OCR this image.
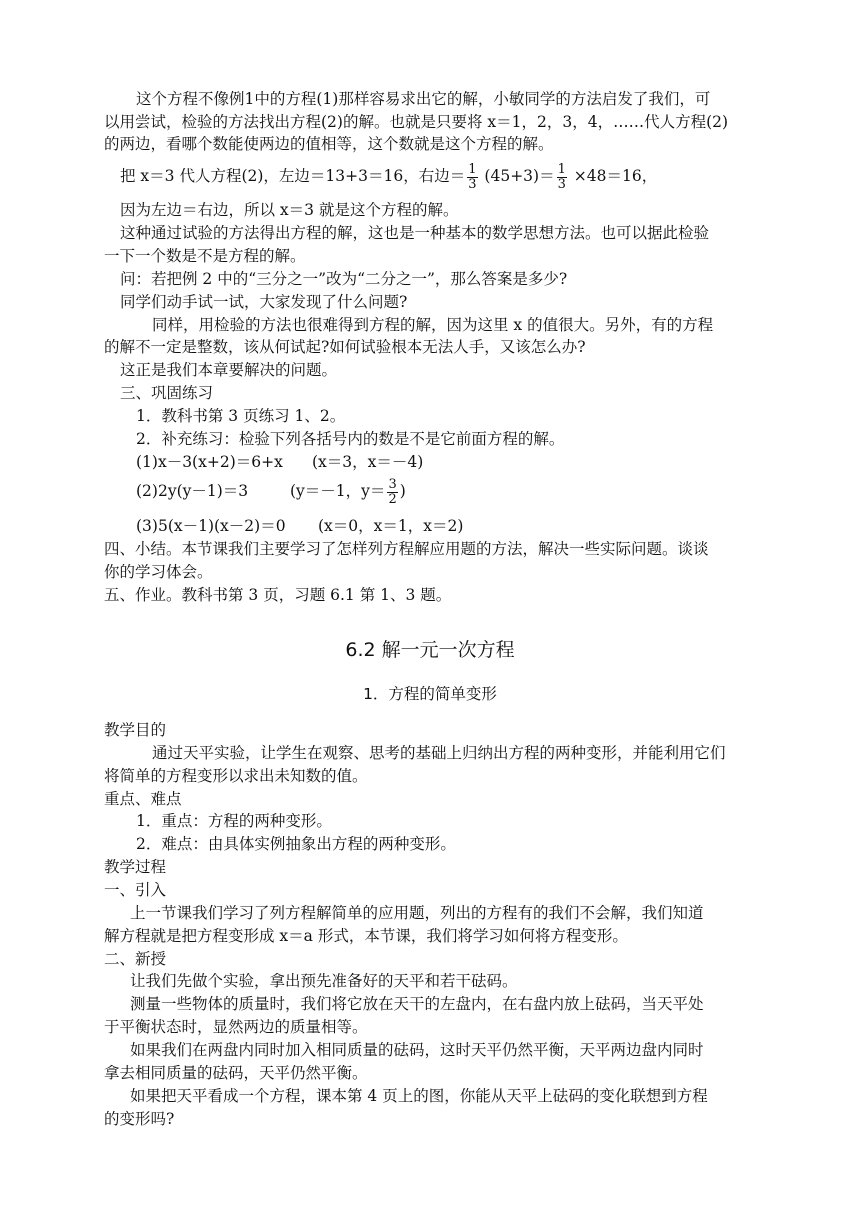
这个方程不像例1中的方程(1)那样容易求出它的解，小敏同学的方法启发了我们，可
以用尝试，检验的方法找出方程(2)的解。也就是只要将 x＝1，2，3，4，……代人方程(2)
的两边，看哪个数能使两边的值相等，这个数就是这个方程的解。
把 x＝3 代人方程(2)，左边＝13+3＝16，右边＝ $\frac{1}{3} (45+3)= \frac{1}{3} \times 48=16$，
因为左边＝右边，所以 x＝3 就是这个方程的解。
这种通过试验的方法得出方程的解，这也是一种基本的数学思想方法。也可以据此检验
一下一个数是不是方程的解。
问：若把例 2 中的“三分之一”改为“二分之一”，那么答案是多少?
同学们动手试一试，大家发现了什么问题?
同样，用检验的方法也很难得到方程的解，因为这里 x 的值很大。另外，有的方程
的解不一定是整数，该从何试起?如何试验根本无法人手，又该怎么办?
这正是我们本章要解决的问题。
三、巩固练习
1．教科书第 3 页练习 1、2。
2．补充练习：检验下列各括号内的数是不是它前面方程的解。
(1)x－3(x+2)＝6+x (x＝3，x＝－4)
(2)2y(y－1)＝3	(y＝－1，$y= \frac{3}{2}$ )
(3)5(x－1)(x－2)＝0 (x＝0，x＝1，x＝2)
四、小结。本节课我们主要学习了怎样列方程解应用题的方法，解决一些实际问题。谈谈
你的学习体会。
五、作业。教科书第 3 页，习题 6.1 第 1、3 题。
6.2 解一元一次方程
1．方程的简单变形
教学目的
通过天平实验，让学生在观察、思考的基础上归纳出方程的两种变形，并能利用它们
将简单的方程变形以求出未知数的值。
重点、难点
1．重点：方程的两种变形。
2．难点：由具体实例抽象出方程的两种变形。
教学过程
一、引入
上一节课我们学习了列方程解简单的应用题，列出的方程有的我们不会解，我们知道
解方程就是把方程变形成 x＝a 形式，本节课，我们将学习如何将方程变形。
二、新授
让我们先做个实验，拿出预先准备好的天平和若干砝码。
测量一些物体的质量时，我们将它放在天干的左盘内，在右盘内放上砝码，当天平处
于平衡状态时，显然两边的质量相等。
如果我们在两盘内同时加入相同质量的砝码，这时天平仍然平衡，天平两边盘内同时
拿去相同质量的砝码，天平仍然平衡。
如果把天平看成一个方程，课本第 4 页上的图，你能从天平上砝码的变化联想到方程
的变形吗?
